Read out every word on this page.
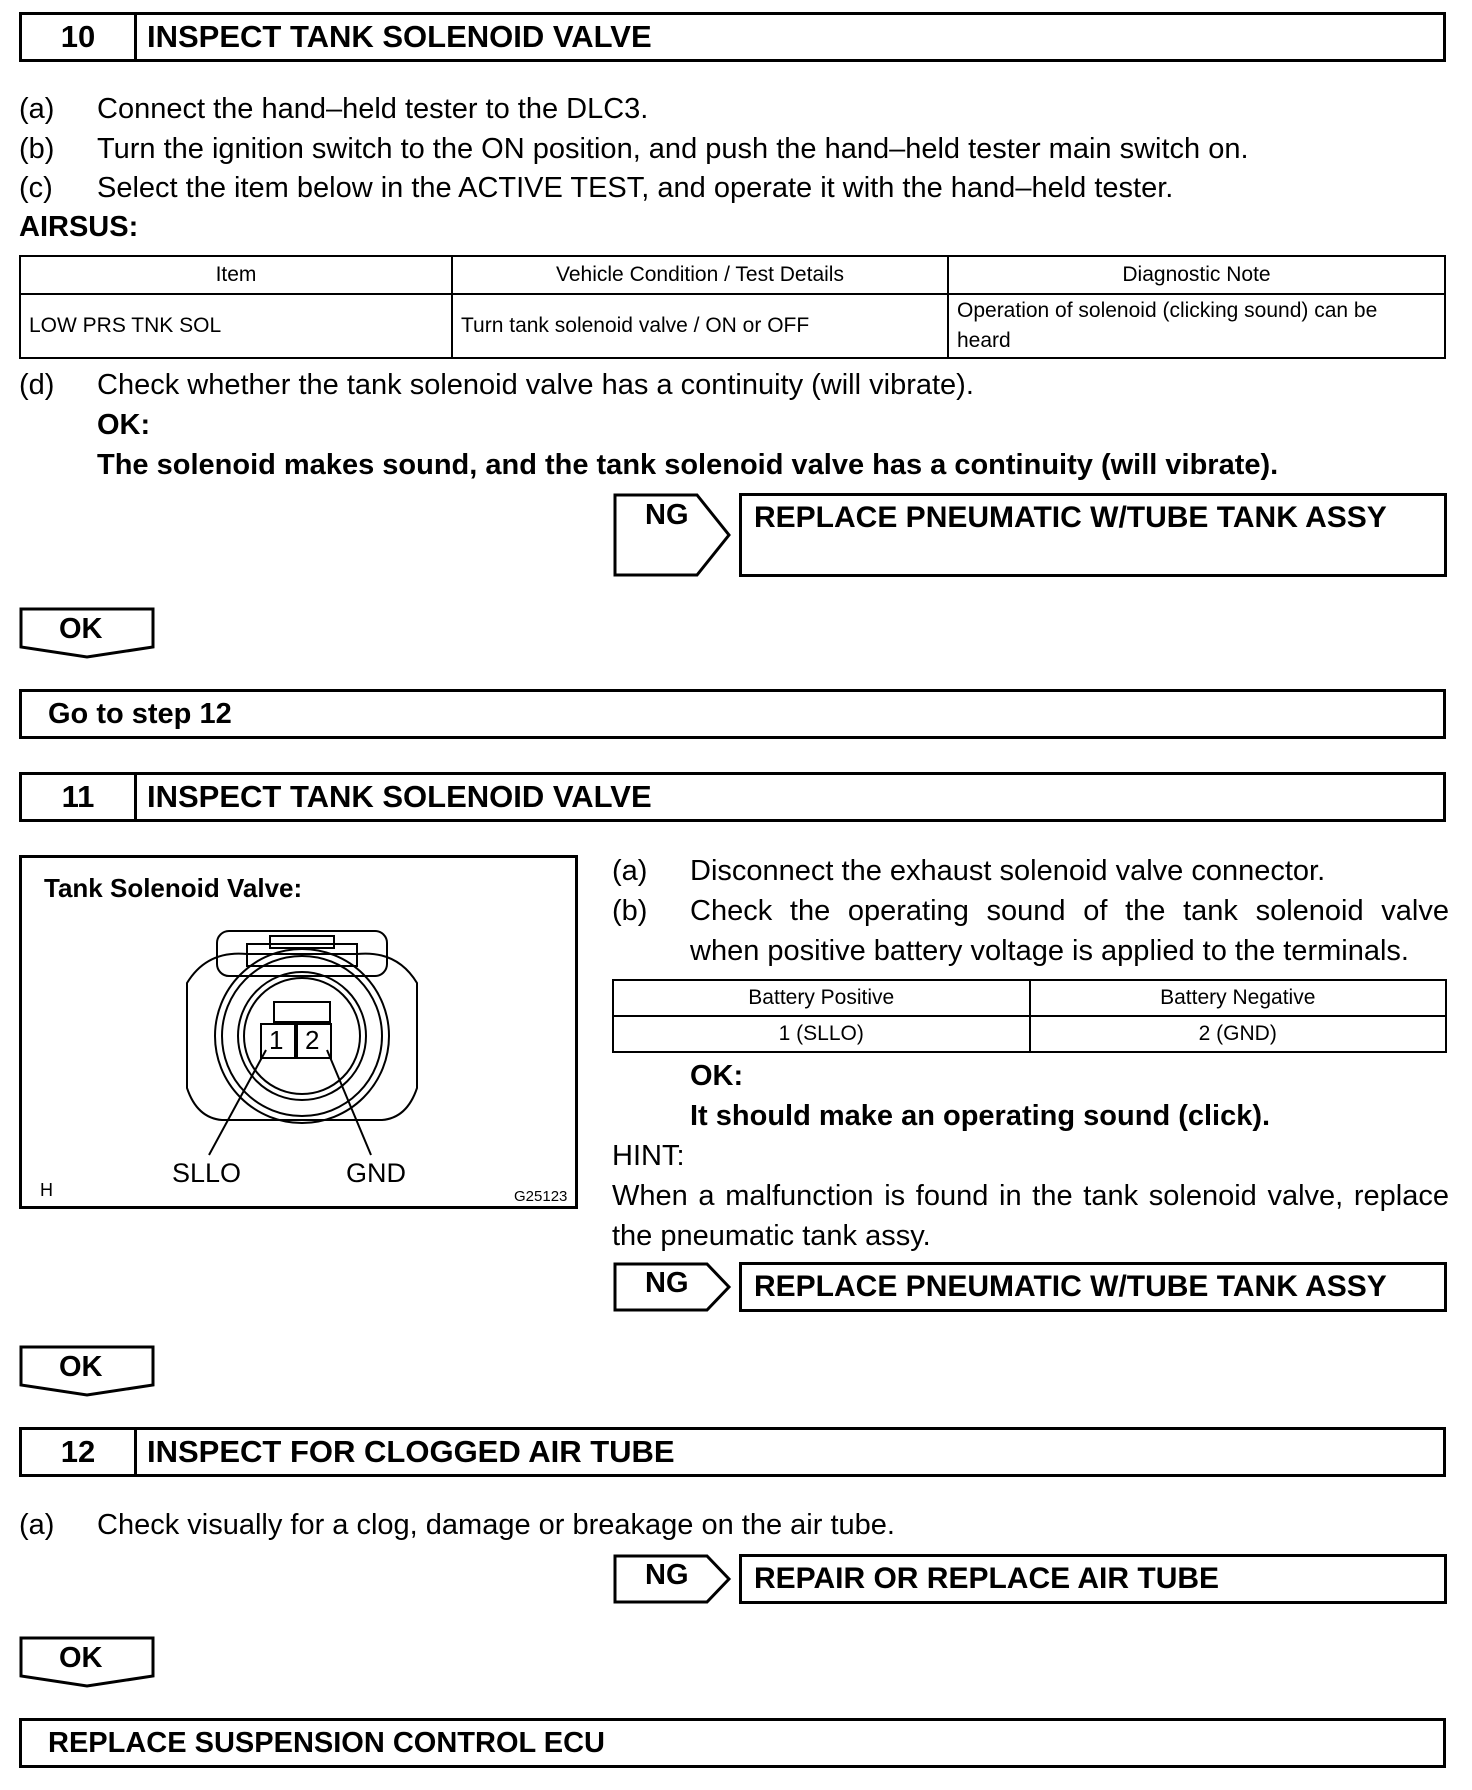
10	INSPECT TANK SOLENOID VALVE
(a) Connect the hand–held tester to the DLC3.
(b) Turn the ignition switch to the ON position, and push the hand–held tester main switch on.
(c) Select the item below in the ACTIVE TEST, and operate it with the hand–held tester.
AIRSUS:
Item	Vehicle Condition / Test Details	Diagnostic Note
LOW PRS TNK SOL	Turn tank solenoid valve / ON or OFF	Operation of solenoid (clicking sound) can be
heard
(d) Check whether the tank solenoid valve has a continuity (will vibrate).
OK:
The solenoid makes sound, and the tank solenoid valve has a continuity (will vibrate).
NG	REPLACE PNEUMATIC W/TUBE TANK ASSY
OK
Go to step 12
11	INSPECT TANK SOLENOID VALVE
Tank Solenoid Valve:
1 2
SLLO	GND
H	G25123
(a) Disconnect the exhaust solenoid valve connector.
(b) Check the operating sound of the tank solenoid valve
when positive battery voltage is applied to the terminals.
Battery Positive	Battery Negative
1 (SLLO)	2 (GND)
OK:
It should make an operating sound (click).
HINT:
When a malfunction is found in the tank solenoid valve, replace
the pneumatic tank assy.
NG	REPLACE PNEUMATIC W/TUBE TANK ASSY
OK
12	INSPECT FOR CLOGGED AIR TUBE
(a) Check visually for a clog, damage or breakage on the air tube.
NG	REPAIR OR REPLACE AIR TUBE
OK
REPLACE SUSPENSION CONTROL ECU
